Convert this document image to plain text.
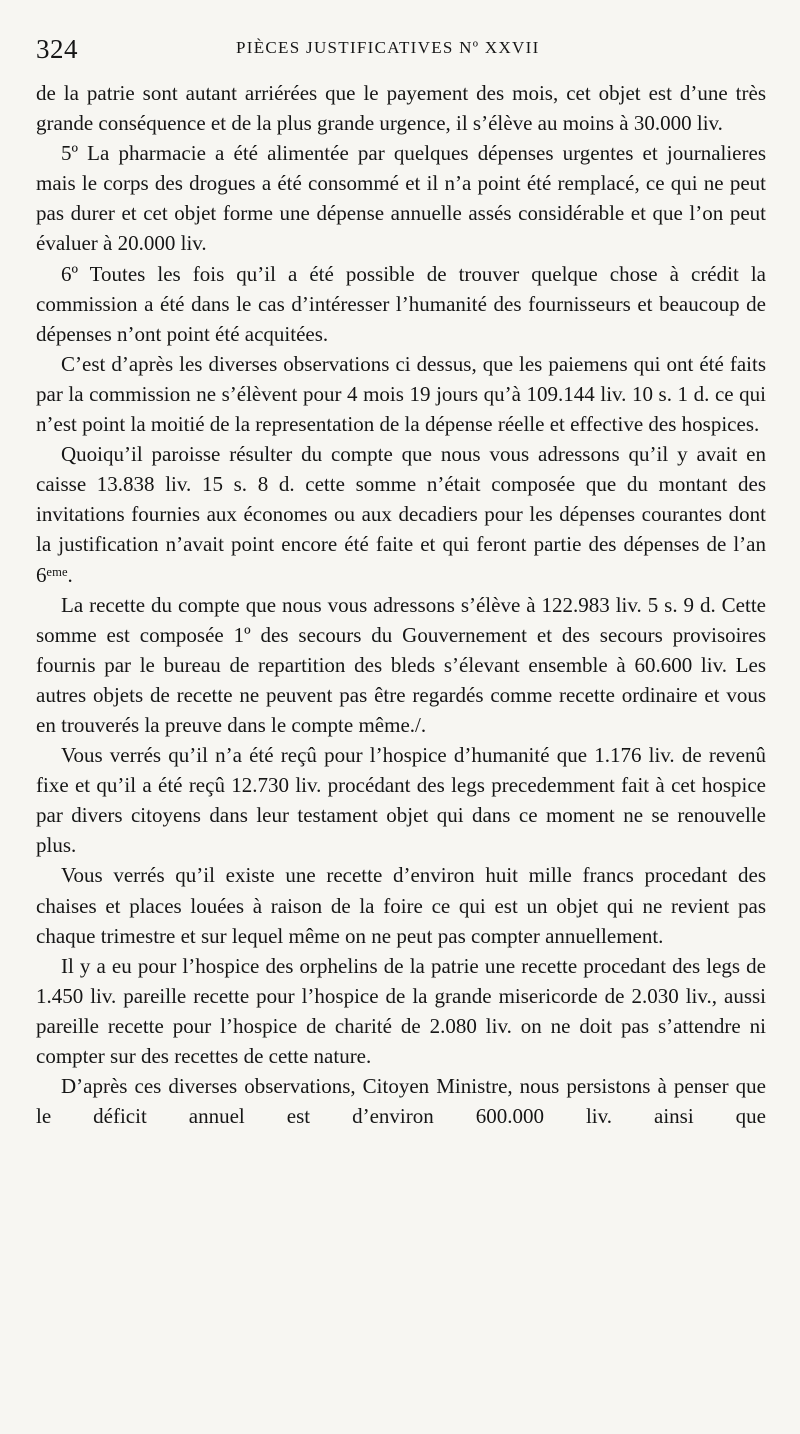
324	PIÈCES JUSTIFICATIVES Nº XXVII

de la patrie sont autant arriérées que le payement des mois, cet objet est d’une très grande conséquence et de la plus grande urgence, il s’élève au moins à 30.000 liv.

5º La pharmacie a été alimentée par quelques dépenses urgentes et journalieres mais le corps des drogues a été consommé et il n’a point été remplacé, ce qui ne peut pas durer et cet objet forme une dépense annuelle assés considérable et que l’on peut évaluer à 20.000 liv.

6º Toutes les fois qu’il a été possible de trouver quelque chose à crédit la commission a été dans le cas d’intéresser l’humanité des fournisseurs et beaucoup de dépenses n’ont point été acquitées.

C’est d’après les diverses observations ci dessus, que les paiemens qui ont été faits par la commission ne s’élèvent pour 4 mois 19 jours qu’à 109.144 liv. 10 s. 1 d. ce qui n’est point la moitié de la representation de la dépense réelle et effective des hospices.

Quoiqu’il paroisse résulter du compte que nous vous adressons qu’il y avait en caisse 13.838 liv. 15 s. 8 d. cette somme n’était composée que du montant des invitations fournies aux économes ou aux decadiers pour les dépenses courantes dont la justification n’avait point encore été faite et qui feront partie des dépenses de l’an 6ᵉᵐᵉ.

La recette du compte que nous vous adressons s’élève à 122.983 liv. 5 s. 9 d. Cette somme est composée 1º des secours du Gouvernement et des secours provisoires fournis par le bureau de repartition des bleds s’élevant ensemble à 60.600 liv. Les autres objets de recette ne peuvent pas être regardés comme recette ordinaire et vous en trouverés la preuve dans le compte même./.

Vous verrés qu’il n’a été reçû pour l’hospice d’humanité que 1.176 liv. de revenû fixe et qu’il a été reçû 12.730 liv. procédant des legs precedemment fait à cet hospice par divers citoyens dans leur testament objet qui dans ce moment ne se renouvelle plus.

Vous verrés qu’il existe une recette d’environ huit mille francs procedant des chaises et places louées à raison de la foire ce qui est un objet qui ne revient pas chaque trimestre et sur lequel même on ne peut pas compter annuellement.

Il y a eu pour l’hospice des orphelins de la patrie une recette procedant des legs de 1.450 liv. pareille recette pour l’hospice de la grande misericorde de 2.030 liv., aussi pareille recette pour l’hospice de charité de 2.080 liv. on ne doit pas s’attendre ni compter sur des recettes de cette nature.

D’après ces diverses observations, Citoyen Ministre, nous persistons à penser que le déficit annuel est d’environ 600.000 liv. ainsi que
